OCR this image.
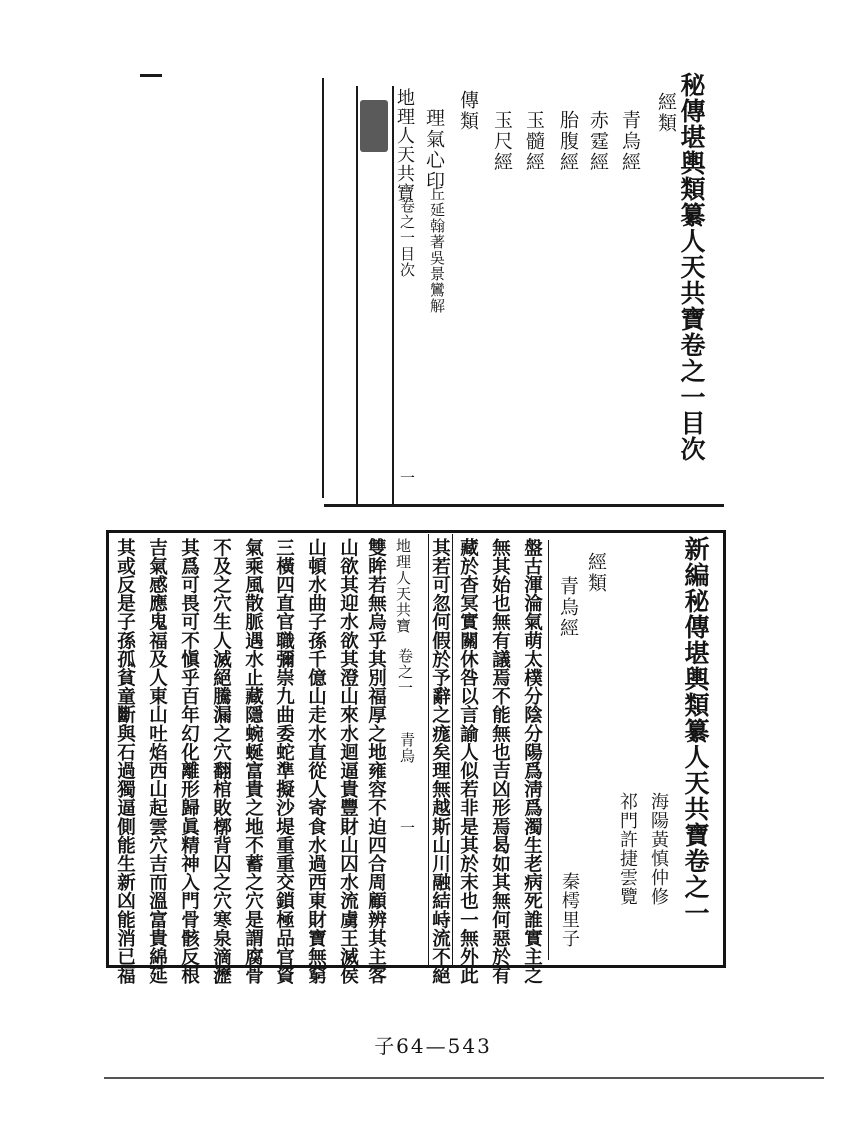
秘傳堪輿類纂人天共寶卷之一目次

經類

青烏經

赤霆經

胎腹經

玉髓經

玉尺經

傳類

理氣心印

丘延翰著吳景鸞解

地理人天共寶

卷之一目次

一

新編秘傳堪輿類纂人天共寶卷之一

海陽黃慎仲修

祁門許捷雲覽

經類

青烏經

秦樗里子

盤古渾淪氣萌太樸分陰分陽爲淸爲濁生老病死誰實主之

無其始也無有議焉不能無也吉凶形焉曷如其無何惡於有

藏於杳冥實關休咎以言諭人似若非是其於末也一無外此

其若可忽何假於予辭之痝矣理無越斯山川融結峙流不絕

地理人天共寶

卷之一

青烏

一

雙眸若無烏乎其別福厚之地雍容不迫四合周顧辨其主客

山欲其迎水欲其澄山來水迴逼貴豐財山囚水流虜王滅侯

山頓水曲子孫千億山走水直從人寄食水過西東財寶無窮

三橫四直官職彌崇九曲委蛇準擬沙堤重重交鎖極品官資

氣乘風散脈遇水止藏隱蜿蜒富貴之地不蓄之穴是謂腐骨

不及之穴生人滅絕騰漏之穴翻棺敗槨背囚之穴寒泉滴瀝

其爲可畏可不愼乎百年幻化離形歸眞精神入門骨骸反根

吉氣感應鬼福及人東山吐焰西山起雲穴吉而溫富貴綿延

其或反是子孫孤貧童斷與石過獨逼側能生新凶能消已福

子64—543
